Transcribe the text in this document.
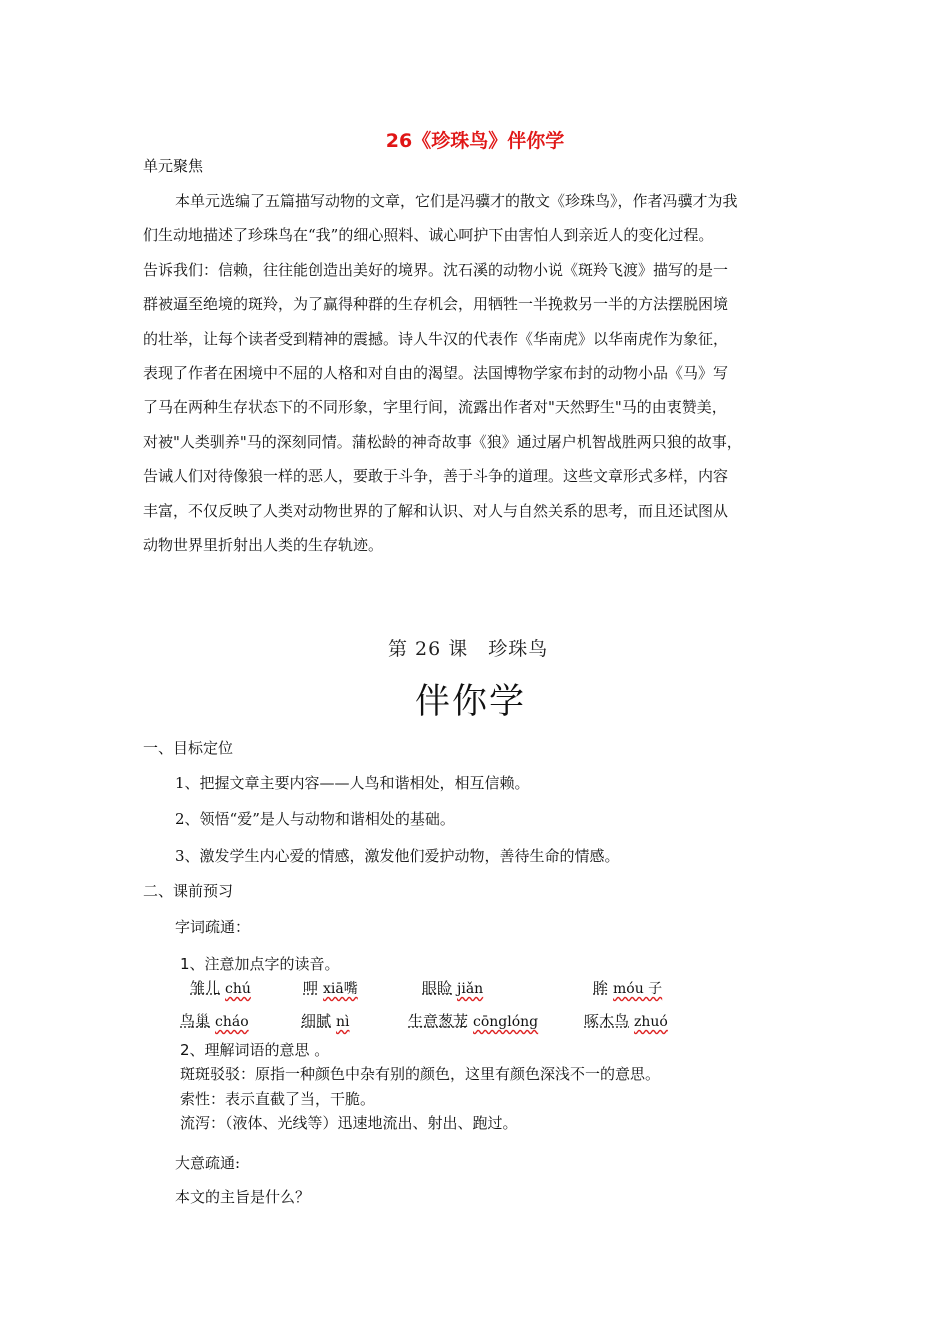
26《珍珠鸟》伴你学
单元聚焦
本单元选编了五篇描写动物的文章，它们是冯骥才的散文《珍珠鸟》，作者冯骥才为我
们生动地描述了珍珠鸟在“我”的细心照料、诚心呵护下由害怕人到亲近人的变化过程。
告诉我们：信赖，往往能创造出美好的境界。沈石溪的动物小说《斑羚飞渡》描写的是一
群被逼至绝境的斑羚，为了赢得种群的生存机会，用牺牲一半挽救另一半的方法摆脱困境
的壮举，让每个读者受到精神的震撼。诗人牛汉的代表作《华南虎》以华南虎作为象征，
表现了作者在困境中不屈的人格和对自由的渴望。法国博物学家布封的动物小品《马》写
了马在两种生存状态下的不同形象，字里行间，流露出作者对"天然野生"马的由衷赞美，
对被"人类驯养"马的深刻同情。蒲松龄的神奇故事《狼》通过屠户机智战胜两只狼的故事，
告诫人们对待像狼一样的恶人，要敢于斗争，善于斗争的道理。这些文章形式多样，内容
丰富，不仅反映了人类对动物世界的了解和认识、对人与自然关系的思考，而且还试图从
动物世界里折射出人类的生存轨迹。
第 26 课　珍珠鸟
伴你学
一、目标定位
1、把握文章主要内容——人鸟和谐相处，相互信赖。
2、领悟“爱”是人与动物和谐相处的基础。
3、激发学生内心爱的情感，激发他们爱护动物，善待生命的情感。
二、课前预习
字词疏通：
1、注意加点字的读音。
雏儿 chú	呷 xiā嘴	眼睑 jiǎn	眸 móu 子
鸟巢 cháo	细腻 nì	生意葱茏 cōnglóng	啄木鸟 zhuó
2、理解词语的意思 。
斑斑驳驳：原指一种颜色中杂有别的颜色，这里有颜色深浅不一的意思。
索性：表示直截了当，干脆。
流泻：（液体、光线等）迅速地流出、射出、跑过。
大意疏通:
本文的主旨是什么？
